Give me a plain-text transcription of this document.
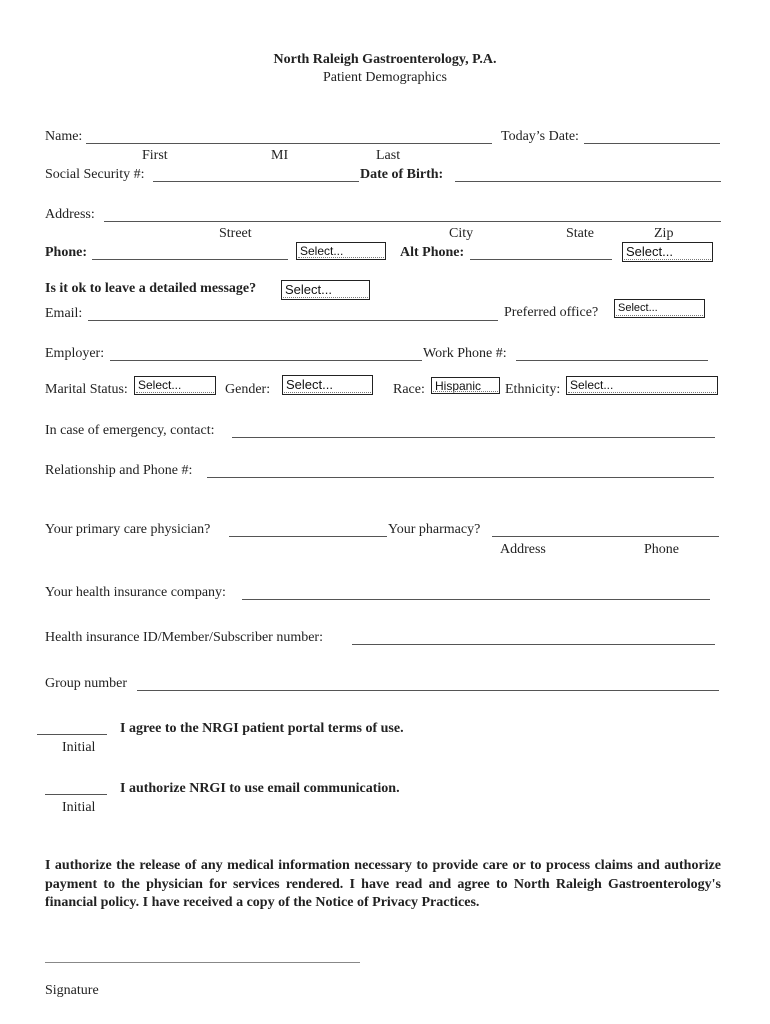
North Raleigh Gastroenterology, P.A.
Patient Demographics
Name:	Today’s Date:
First	MI	Last
Social Security #:	Date of Birth:
Address:
Street	City	State	Zip
Phone:	Select...	Alt Phone:	Select...
Is it ok to leave a detailed message?	Select...
Email:	Preferred office?	Select...
Employer:	Work Phone #:
Marital Status: Select...	Gender:	Select...	Race: Hispanic	Ethnicity: Select...
In case of emergency, contact:
Relationship and Phone #:
Your primary care physician?	Your pharmacy?
Address	Phone
Your health insurance company:
Health insurance ID/Member/Subscriber number:
Group number
I agree to the NRGI patient portal terms of use.
Initial
I authorize NRGI to use email communication.
Initial
I authorize the release of any medical information necessary to provide care or to process claims and authorize payment to the physician for services rendered. I have read and agree to North Raleigh Gastroenterology's financial policy. I have received a copy of the Notice of Privacy Practices.
Signature
